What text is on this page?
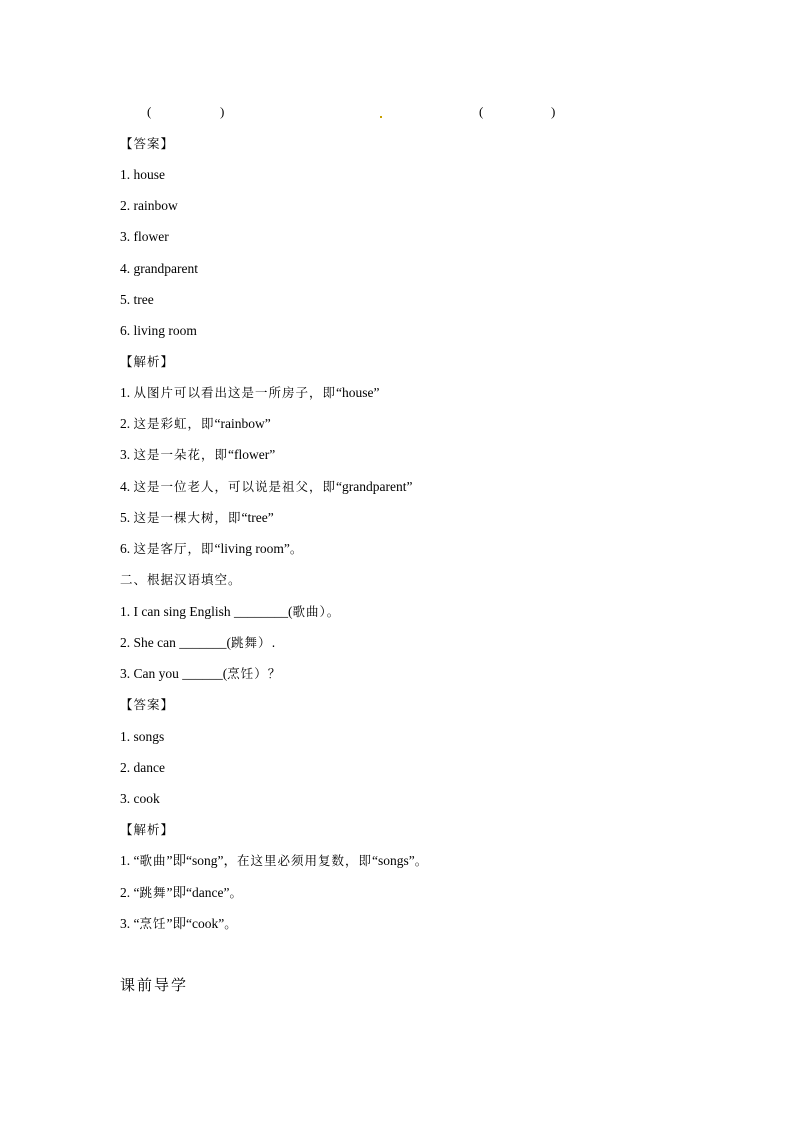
(	)	(	)
【答案】
1. house
2. rainbow
3. flower
4. grandparent
5. tree
6. living room
【解析】
1. 从图片可以看出这是一所房子，即“house”
2. 这是彩虹，即“rainbow”
3. 这是一朵花，即“flower”
4. 这是一位老人，可以说是祖父，即“grandparent”
5. 这是一棵大树，即“tree”
6. 这是客厅，即“living room”。
二、根据汉语填空。
1. I can sing English ________(歌曲）。
2. She can _______(跳舞）.
3. Can you ______(烹饪）？
【答案】
1. songs
2. dance
3. cook
【解析】
1. “歌曲”即“song”，在这里必须用复数，即“songs”。
2. “跳舞”即“dance”。
3. “烹饪”即“cook”。
课前导学
